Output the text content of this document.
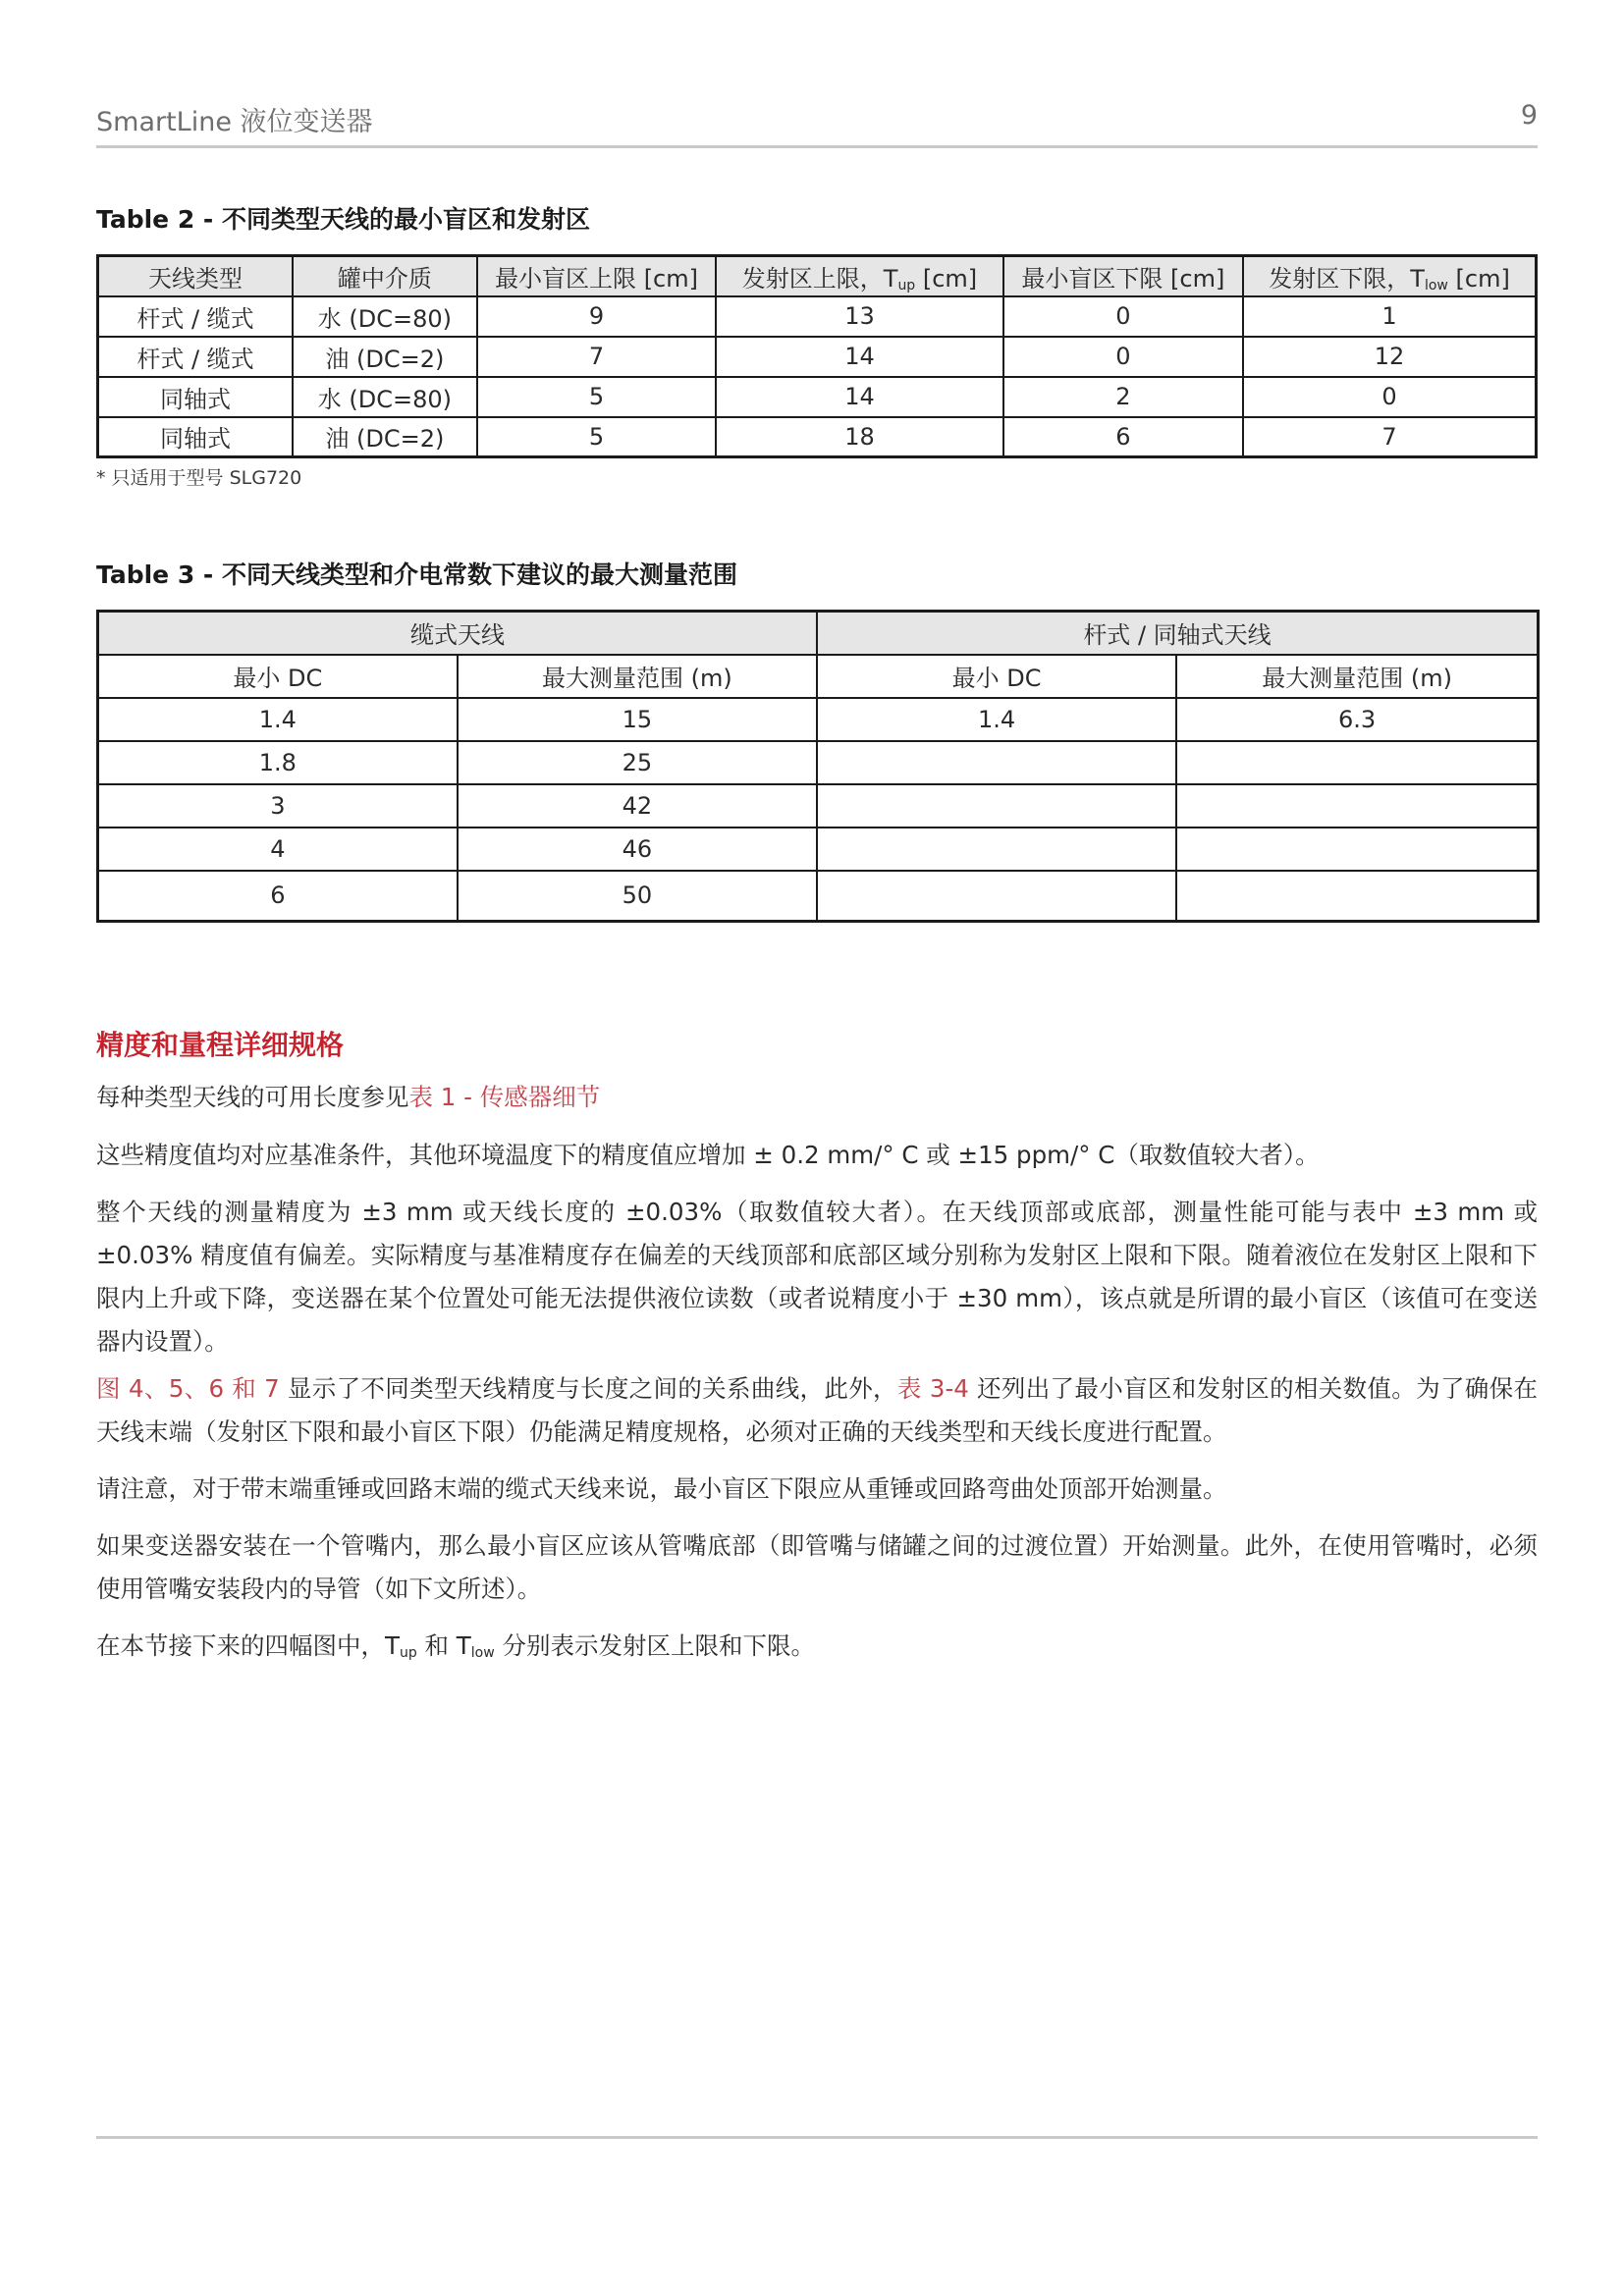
SmartLine 液位变送器	9
Table 2 - 不同类型天线的最小盲区和发射区
天线类型	罐中介质	最小盲区上限 [cm]	发射区上限，$T_{up}$ [cm]	最小盲区下限 [cm]	发射区下限，$T_{low}$ [cm]
杆式 / 缆式	水 (DC=80)	9	13	0	1
杆式 / 缆式	油 (DC=2)	7	14	0	12
同轴式	水 (DC=80)	5	14	2	0
同轴式	油 (DC=2)	5	18	6	7
* 只适用于型号 SLG720
Table 3 - 不同天线类型和介电常数下建议的最大测量范围
缆式天线		杆式 / 同轴式天线	
最小 DC	最大测量范围 (m)	最小 DC	最大测量范围 (m)
1.4	15	1.4	6.3
1.8	25		
3	42		
4	46		
6	50		
精度和量程详细规格
每种类型天线的可用长度参见表 1 - 传感器细节
这些精度值均对应基准条件，其他环境温度下的精度值应增加 ± 0.2 mm/° C 或 ±15 ppm/° C（取数值较大者）。
整个天线的测量精度为 ±3 mm 或天线长度的 ±0.03%（取数值较大者）。在天线顶部或底部，测量性能可能与表中 ±3 mm 或 ±0.03% 精度值有偏差。实际精度与基准精度存在偏差的天线顶部和底部区域分别称为发射区上限和下限。随着液位在发射区上限和下限内上升或下降，变送器在某个位置处可能无法提供液位读数（或者说精度小于 ±30 mm），该点就是所谓的最小盲区（该值可在变送器内设置）。
图 4、5、6 和 7 显示了不同类型天线精度与长度之间的关系曲线，此外，表 3-4 还列出了最小盲区和发射区的相关数值。为了确保在天线末端（发射区下限和最小盲区下限）仍能满足精度规格，必须对正确的天线类型和天线长度进行配置。
请注意，对于带末端重锤或回路末端的缆式天线来说，最小盲区下限应从重锤或回路弯曲处顶部开始测量。
如果变送器安装在一个管嘴内，那么最小盲区应该从管嘴底部（即管嘴与储罐之间的过渡位置）开始测量。此外，在使用管嘴时，必须使用管嘴安装段内的导管（如下文所述）。
在本节接下来的四幅图中，$T_{up}$ 和 $T_{low}$ 分别表示发射区上限和下限。
